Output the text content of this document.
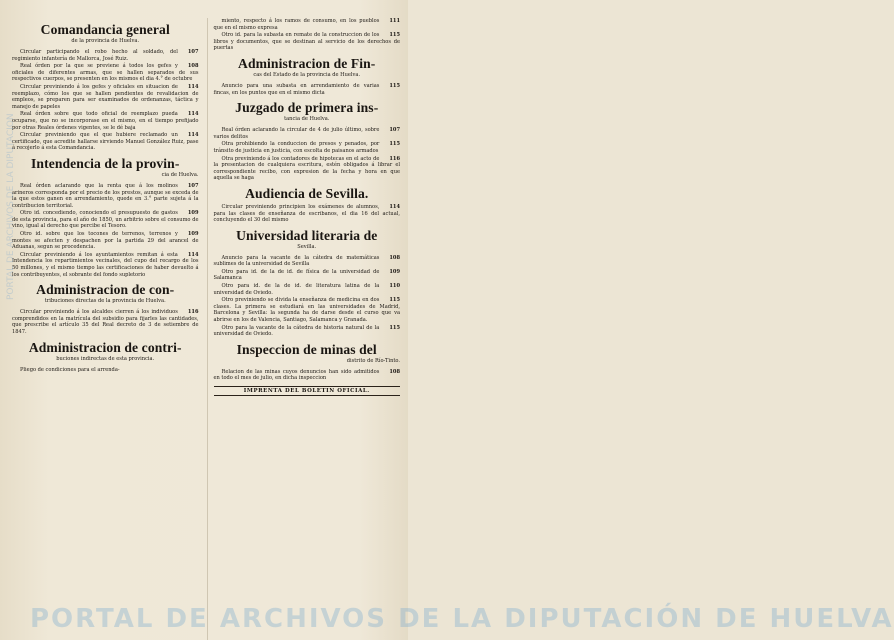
Comandancia general
de la provincia de Huelva.
107
Circular participando el robo hecho al soldado, del regimiento infantería de Mallorca, José Ruiz.
108
Real órden por la que se previene á todos los gefes y oficiales de diferentes armas, que se hallen separados de sus respectivos cuerpos, se presenten en los mismos el dia 4.° de octubre
114
Circular previniendo á los gefes y oficiales en situacion de reemplazo, cómo los que se hallen pendientes de revalidacion de empleos, se preparen para ser examinados de ordenanzas, táctica y manejo de papeles
114
Real órden sobre que todo oficial de reemplazo pueda ocuparse, que no se incorporase en el mismo, en el tiempo prefijado por otras Reales órdenes vigentes, se le dé baja
114
Circular previniendo que el que hubiere reclamado un certificado, que acredite hallarse sirviendo Manuel González Ruiz, pase á recojerlo á esta Comandancia.
Intendencia de la provin-
cia de Huelva.
107
Real órden aclarando que la renta que á los molinos arineros corresponda por el precio de los prestos, aunque se exceda de la que estos ganen en arrendamiento, quede en 3.° parte sujeta á la contribucion territorial.
109
Otro id. concediendo, conociendo el presupuesto de gastos de esta provincia, para el año de 1850, un arbitrio sobre el consumo de vino, igual al derecho que percibe el Tesoro.
109
Otro id. sobre que los tocones de terrenos, terrenos y montes se afecten y despachen por la partida 29 del arancel de Aduanas, segun se procedencia.
114
Circular previniendo á los ayuntamientos remitan á esta Intendencia los repartimientos vecinales, del cupo del recargo de los 50 millones, y el mismo tiempo las certificaciones de haber devuelto á los contribuyentes, el sobrante del fondo supletorio
Administracion de con-
tribuciones directas de la provincia de Huelva.
116
Circular previniendo á los alcaldes cierren á los individuos comprendidos en la matrícula del subsidio para fijarles las cantidades, que prescribe el artículo 35 del Real decreto de 3 de setiembre de 1847.
Administracion de contri-
buciones indirectas de esta provincia.
Pliego de condiciones para el arrenda-
111
miento, respecto á los ramos de consumo, en los pueblos que en el mismo expresa
115
Otro id. para la subasta en remate de la construccion de los libros y documentos, que se destinan al servicio de los derechos de puertas
Administracion de Fin-
cas del Estado de la provincia de Huelva.
115
Anuncio para una subasta en arrendamiento de varias fincas, en los puntos que en el mismo dicta
Juzgado de primera ins-
tancia de Huelva.
107
Real órden aclarando la circular de 4 de julio último, sobre varios delitos
115
Otra prohibiendo la conduccion de presos y penados, por tránsito de justicia en justicia, con escolta de paisanos armados
116
Otra previniendo á los contadores de hipotecas en el acto de la presentacion de cualquiera escritura, estén obligados á librar el correspondiente recibo, con expresion de la fecha y hora en que aquella se haga
Audiencia de Sevilla.
114
Circular previniendo principien los exámenes de alumnos, para las clases de enseñanza de escribanos, el dia 16 del actual, concluyendo el 30 del mismo
Universidad literaria de
Sevilla.
108
Anuncio para la vacante de la cátedra de matemáticas sublimes de la universidad de Sevilla
109
Otro para id. de la de id. de física de la universidad de Salamanca
110
Otro para id. de la de id. de literatura latina de la universidad de Oviedo.
115
Otro previniendo se divida la enseñanza de medicina en dos clases. La primera se estudiará en las universidades de Madrid, Barcelona y Sevilla: la segunda ha de darse desde el curso que va abrirse en los de Valencia, Santiago, Salamanca y Granada.
115
Otro para la vacante de la cátedra de historia natural de la universidad de Oviedo.
Inspeccion de minas del
distrito de Río-Tinto.
108
Relacion de las minas cuyos denuncios han sido admitidos en todo el mes de julio, en dicha inspeccion
IMPRENTA DEL BOLETIN OFICIAL.
PORTAL DE ARCHIVOS DE LA DIPUTACIÓN DE HUELVA
PORTAL DE ARCHIVOS DE LA DIPUTACION
